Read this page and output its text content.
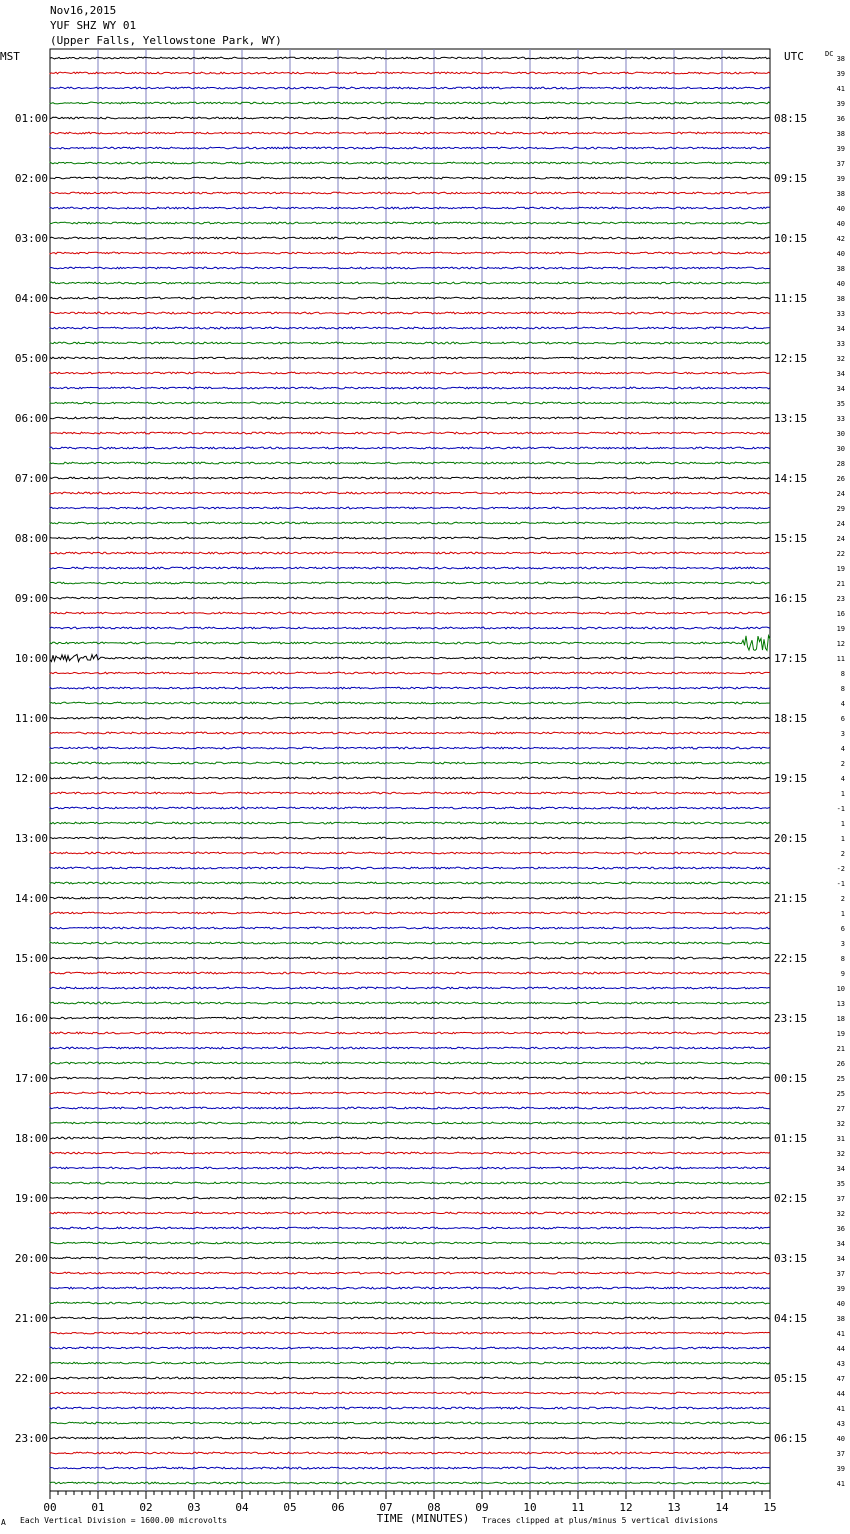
Nov16,2015
YUF SHZ WY 01
(Upper Falls, Yellowstone Park, WY)
MST	UTC	DC
01:00
02:00
03:00
04:00
05:00
06:00
07:00
08:00
09:00
10:00
11:00
12:00
13:00
14:00
15:00
16:00
17:00
18:00
19:00
20:00
21:00
22:00
23:00
08:15
09:15
10:15
11:15
12:15
13:15
14:15
15:15
16:15
17:15
18:15
19:15
20:15
21:15
22:15
23:15
00:15
01:15
02:15
03:15
04:15
05:15
06:15
38
39
41
39
36
38
39
37
39
38
40
40
42
40
38
40
38
33
34
33
32
34
34
35
33
30
30
28
26
24
29
24
24
22
19
21
23
16
19
12
11
8
8
4
6
3
4
2
4
1
-1
1
1
2
-2
-1
2
1
6
3
8
9
10
13
18
19
21
26
25
25
27
32
31
32
34
35
37
32
36
34
34
37
39
40
38
41
44
43
47
44
41
43
40
37
39
41
00	01	02	03	04	05	06	07	08	09	10	11	12	13	14	15
TIME (MINUTES)
A Each Vertical Division = 1600.00 microvolts	Traces clipped at plus/minus 5 vertical divisions
